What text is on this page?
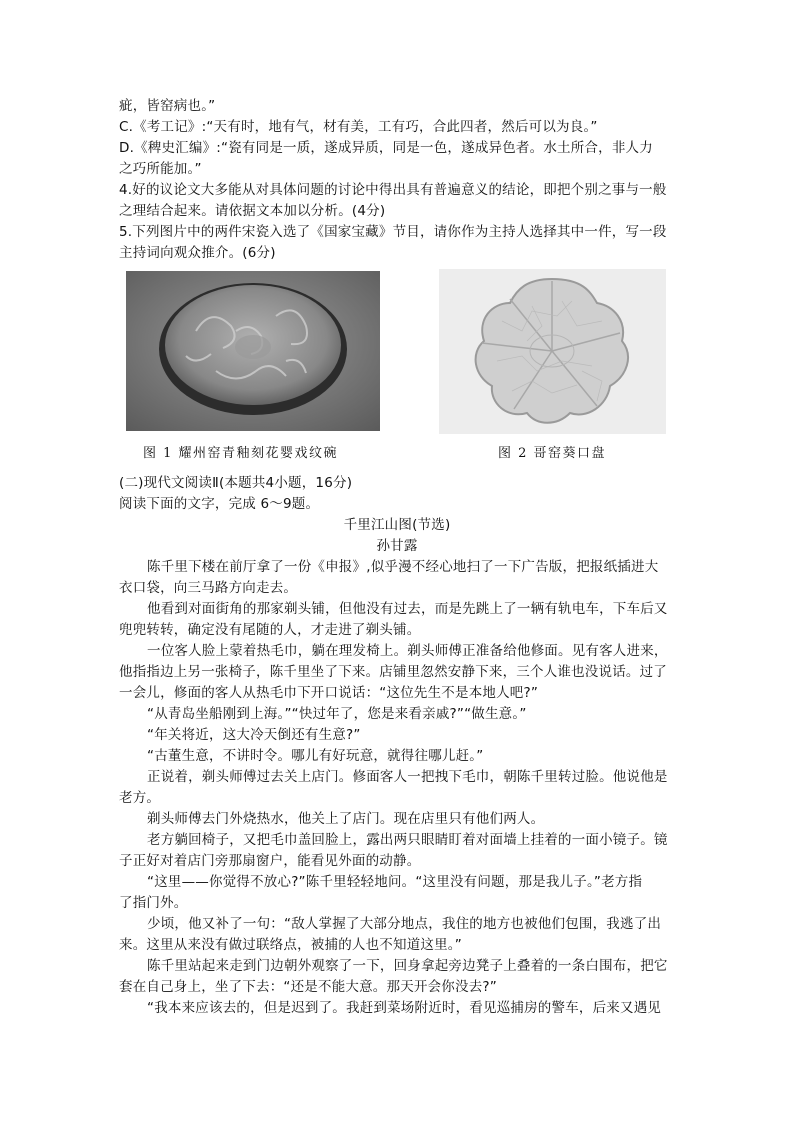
疵，皆窑病也。”
C.《考工记》:“天有时，地有气，材有美，工有巧，合此四者，然后可以为良。”
D.《稗史汇编》:“瓷有同是一质，遂成异质，同是一色，遂成异色者。水土所合，非人力
之巧所能加。”
4.好的议论文大多能从对具体问题的讨论中得出具有普遍意义的结论，即把个别之事与一般
之理结合起来。请依据文本加以分析。(4分)
5.下列图片中的两件宋瓷入选了《国家宝藏》节目，请你作为主持人选择其中一件，写一段
主持词向观众推介。(6分)
图 1 耀州窑青釉刻花婴戏纹碗	图 2 哥窑葵口盘
(二)现代文阅读Ⅱ(本题共4小题，16分)
阅读下面的文字，完成 6～9题。
千里江山图(节选)
孙甘露
陈千里下楼在前厅拿了一份《申报》,似乎漫不经心地扫了一下广告版，把报纸插进大
衣口袋，向三马路方向走去。
他看到对面街角的那家剃头铺，但他没有过去，而是先跳上了一辆有轨电车，下车后又
兜兜转转，确定没有尾随的人，才走进了剃头铺。
一位客人脸上蒙着热毛巾，躺在理发椅上。剃头师傅正准备给他修面。见有客人进来，
他指指边上另一张椅子，陈千里坐了下来。店铺里忽然安静下来，三个人谁也没说话。过了
一会儿，修面的客人从热毛巾下开口说话：“这位先生不是本地人吧?”
“从青岛坐船刚到上海。”“快过年了，您是来看亲戚?”“做生意。”
“年关将近，这大冷天倒还有生意?”
“古董生意，不讲时令。哪儿有好玩意，就得往哪儿赶。”
正说着，剃头师傅过去关上店门。修面客人一把拽下毛巾，朝陈千里转过脸。他说他是
老方。
剃头师傅去门外烧热水，他关上了店门。现在店里只有他们两人。
老方躺回椅子，又把毛巾盖回脸上，露出两只眼睛盯着对面墙上挂着的一面小镜子。镜
子正好对着店门旁那扇窗户，能看见外面的动静。
“这里——你觉得不放心?”陈千里轻轻地问。“这里没有问题，那是我儿子。”老方指
了指门外。
少顷，他又补了一句：“敌人掌握了大部分地点，我住的地方也被他们包围，我逃了出
来。这里从来没有做过联络点，被捕的人也不知道这里。”
陈千里站起来走到门边朝外观察了一下，回身拿起旁边凳子上叠着的一条白围布，把它
套在自己身上，坐了下去：“还是不能大意。那天开会你没去?”
“我本来应该去的，但是迟到了。我赶到菜场附近时，看见巡捕房的警车，后来又遇见
